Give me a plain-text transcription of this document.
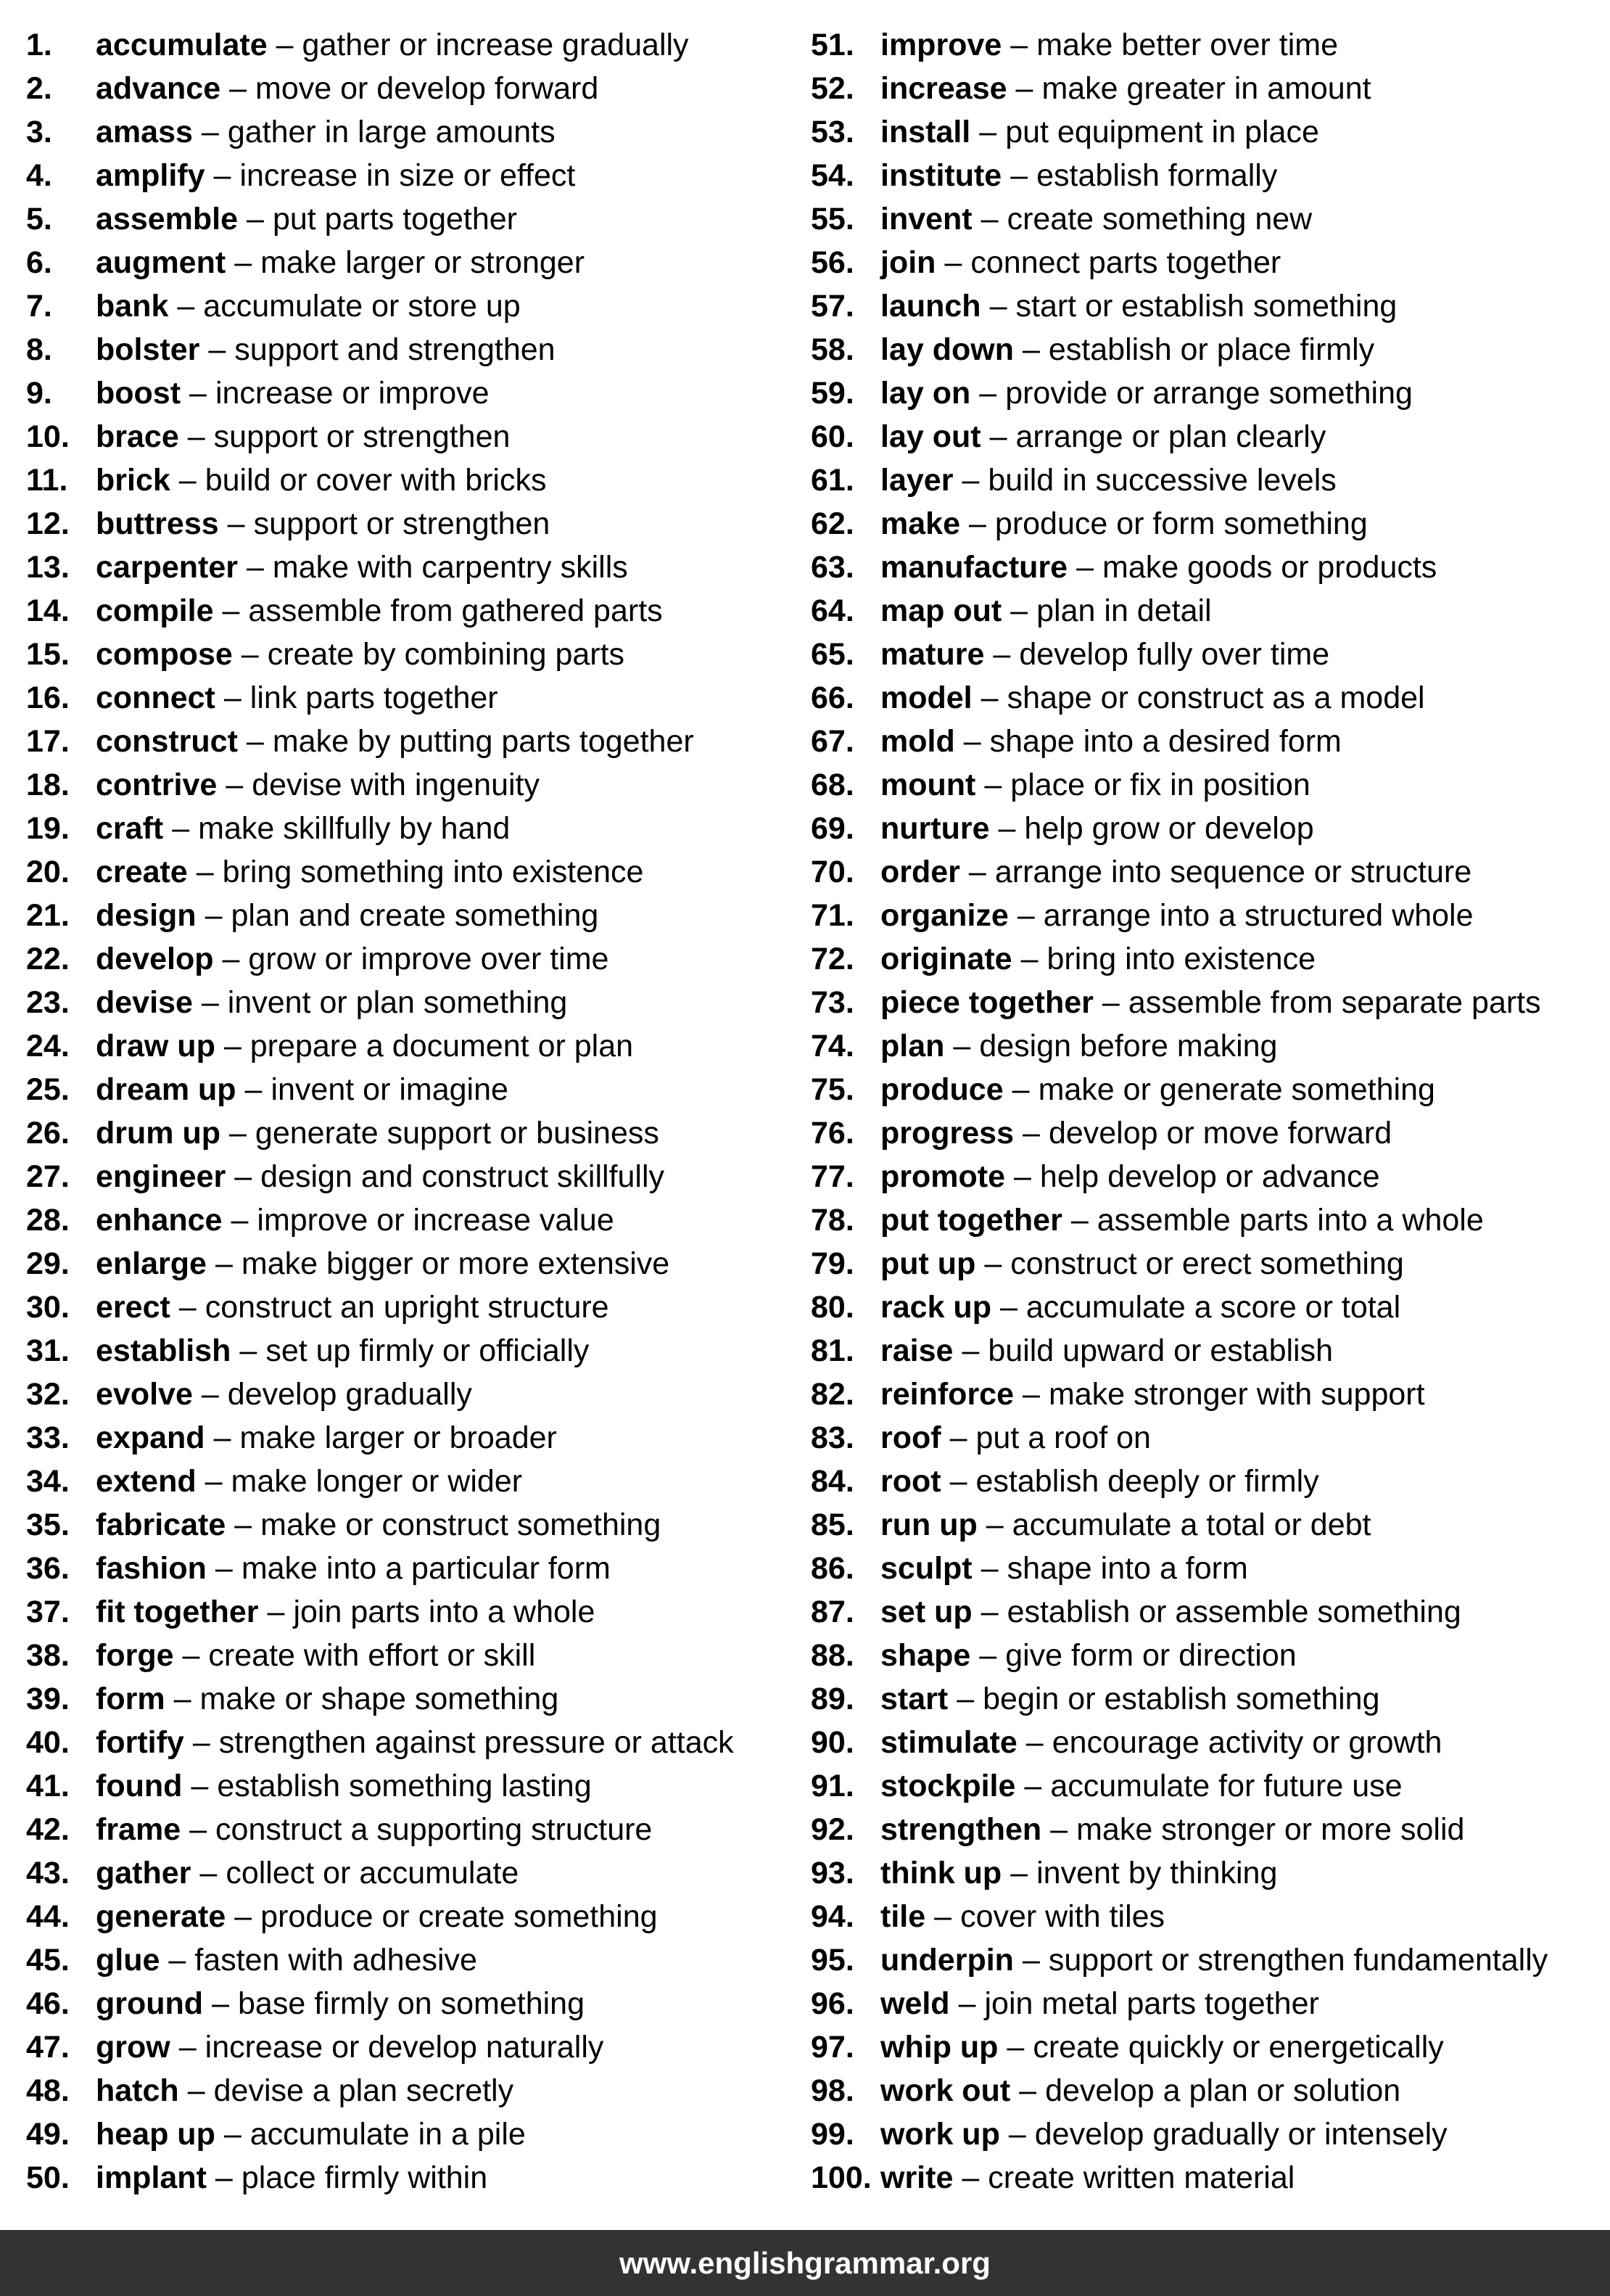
1.	accumulate – gather or increase gradually
2.	advance – move or develop forward
3.	amass – gather in large amounts
4.	amplify – increase in size or effect
5.	assemble – put parts together
6.	augment – make larger or stronger
7.	bank – accumulate or store up
8.	bolster – support and strengthen
9.	boost – increase or improve
10. brace – support or strengthen
11. brick – build or cover with bricks
12. buttress – support or strengthen
13. carpenter – make with carpentry skills
14. compile – assemble from gathered parts
15. compose – create by combining parts
16. connect – link parts together
17. construct – make by putting parts together
18. contrive – devise with ingenuity
19. craft – make skillfully by hand
20. create – bring something into existence
21. design – plan and create something
22. develop – grow or improve over time
23. devise – invent or plan something
24. draw up – prepare a document or plan
25. dream up – invent or imagine
26. drum up – generate support or business
27. engineer – design and construct skillfully
28. enhance – improve or increase value
29. enlarge – make bigger or more extensive
30. erect – construct an upright structure
31. establish – set up firmly or officially
32. evolve – develop gradually
33. expand – make larger or broader
34. extend – make longer or wider
35. fabricate – make or construct something
36. fashion – make into a particular form
37. fit together – join parts into a whole
38. forge – create with effort or skill
39. form – make or shape something
40. fortify – strengthen against pressure or attack
41. found – establish something lasting
42. frame – construct a supporting structure
43. gather – collect or accumulate
44. generate – produce or create something
45. glue – fasten with adhesive
46. ground – base firmly on something
47. grow – increase or develop naturally
48. hatch – devise a plan secretly
49. heap up – accumulate in a pile
50. implant – place firmly within
51. improve – make better over time
52. increase – make greater in amount
53. install – put equipment in place
54. institute – establish formally
55. invent – create something new
56. join – connect parts together
57. launch – start or establish something
58. lay down – establish or place firmly
59. lay on – provide or arrange something
60. lay out – arrange or plan clearly
61. layer – build in successive levels
62. make – produce or form something
63. manufacture – make goods or products
64. map out – plan in detail
65. mature – develop fully over time
66. model – shape or construct as a model
67. mold – shape into a desired form
68. mount – place or fix in position
69. nurture – help grow or develop
70. order – arrange into sequence or structure
71. organize – arrange into a structured whole
72. originate – bring into existence
73. piece together – assemble from separate parts
74. plan – design before making
75. produce – make or generate something
76. progress – develop or move forward
77. promote – help develop or advance
78. put together – assemble parts into a whole
79. put up – construct or erect something
80. rack up – accumulate a score or total
81. raise – build upward or establish
82. reinforce – make stronger with support
83. roof – put a roof on
84. root – establish deeply or firmly
85. run up – accumulate a total or debt
86. sculpt – shape into a form
87. set up – establish or assemble something
88. shape – give form or direction
89. start – begin or establish something
90. stimulate – encourage activity or growth
91. stockpile – accumulate for future use
92. strengthen – make stronger or more solid
93. think up – invent by thinking
94. tile – cover with tiles
95. underpin – support or strengthen fundamentally
96. weld – join metal parts together
97. whip up – create quickly or energetically
98. work out – develop a plan or solution
99. work up – develop gradually or intensely
100. write – create written material
www.englishgrammar.org
